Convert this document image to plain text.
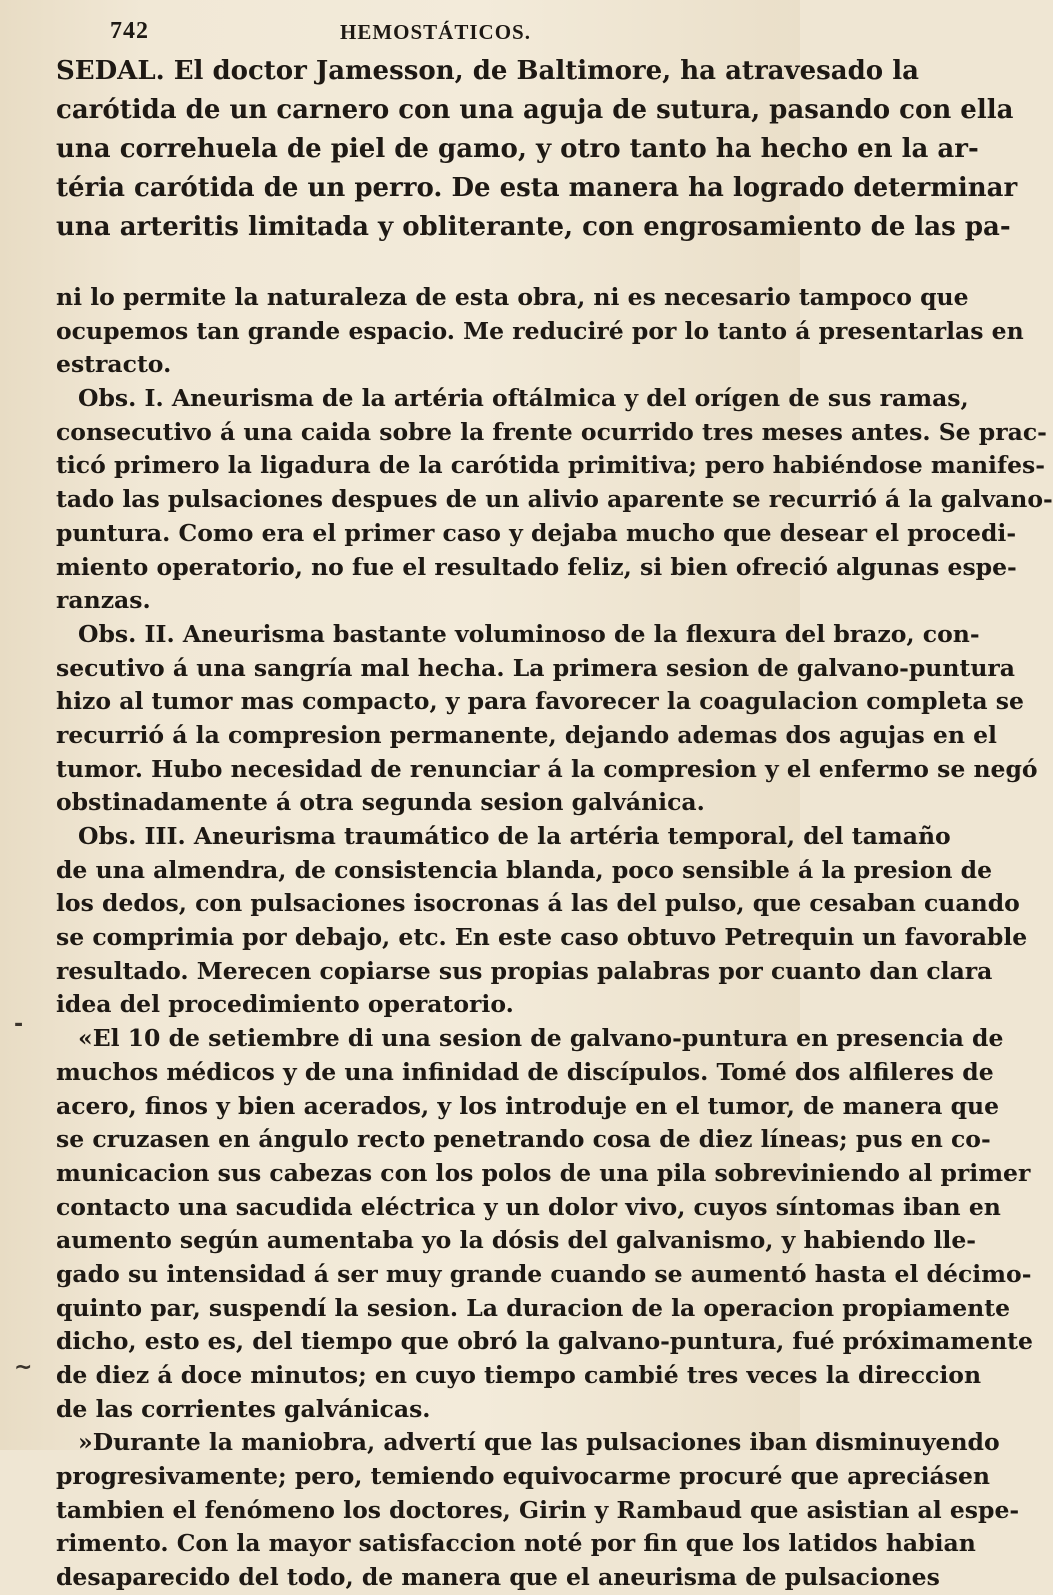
742	HEMOSTÁTICOS.
-
~
SEDAL. El doctor Jamesson, de Baltimore, ha atravesado la
carótida de un carnero con una aguja de sutura, pasando con ella
una correhuela de piel de gamo, y otro tanto ha hecho en la ar-
téria carótida de un perro. De esta manera ha logrado determinar
una arteritis limitada y obliterante, con engrosamiento de las pa-
ni lo permite la naturaleza de esta obra, ni es necesario tampoco que
ocupemos tan grande espacio. Me reduciré por lo tanto á presentarlas en
estracto.
Obs. I. Aneurisma de la artéria oftálmica y del orígen de sus ramas,
consecutivo á una caida sobre la frente ocurrido tres meses antes. Se prac-
ticó primero la ligadura de la carótida primitiva; pero habiéndose manifes-
tado las pulsaciones despues de un alivio aparente se recurrió á la galvano-
puntura. Como era el primer caso y dejaba mucho que desear el procedi-
miento operatorio, no fue el resultado feliz, si bien ofreció algunas espe-
ranzas.
Obs. II. Aneurisma bastante voluminoso de la flexura del brazo, con-
secutivo á una sangría mal hecha. La primera sesion de galvano-puntura
hizo al tumor mas compacto, y para favorecer la coagulacion completa se
recurrió á la compresion permanente, dejando ademas dos agujas en el
tumor. Hubo necesidad de renunciar á la compresion y el enfermo se negó
obstinadamente á otra segunda sesion galvánica.
Obs. III. Aneurisma traumático de la artéria temporal, del tamaño
de una almendra, de consistencia blanda, poco sensible á la presion de
los dedos, con pulsaciones isocronas á las del pulso, que cesaban cuando
se comprimia por debajo, etc. En este caso obtuvo Petrequin un favorable
resultado. Merecen copiarse sus propias palabras por cuanto dan clara
idea del procedimiento operatorio.
«El 10 de setiembre di una sesion de galvano-puntura en presencia de
muchos médicos y de una infinidad de discípulos. Tomé dos alfileres de
acero, finos y bien acerados, y los introduje en el tumor, de manera que
se cruzasen en ángulo recto penetrando cosa de diez líneas; pus en co-
municacion sus cabezas con los polos de una pila sobreviniendo al primer
contacto una sacudida eléctrica y un dolor vivo, cuyos síntomas iban en
aumento según aumentaba yo la dósis del galvanismo, y habiendo lle-
gado su intensidad á ser muy grande cuando se aumentó hasta el décimo-
quinto par, suspendí la sesion. La duracion de la operacion propiamente
dicho, esto es, del tiempo que obró la galvano-puntura, fué próximamente
de diez á doce minutos; en cuyo tiempo cambié tres veces la direccion
de las corrientes galvánicas.
»Durante la maniobra, advertí que las pulsaciones iban disminuyendo
progresivamente; pero, temiendo equivocarme procuré que apreciásen
tambien el fenómeno los doctores, Girin y Rambaud que asistian al espe-
rimento. Con la mayor satisfaccion noté por fin que los latidos habian
desaparecido del todo, de manera que el aneurisma de pulsaciones
